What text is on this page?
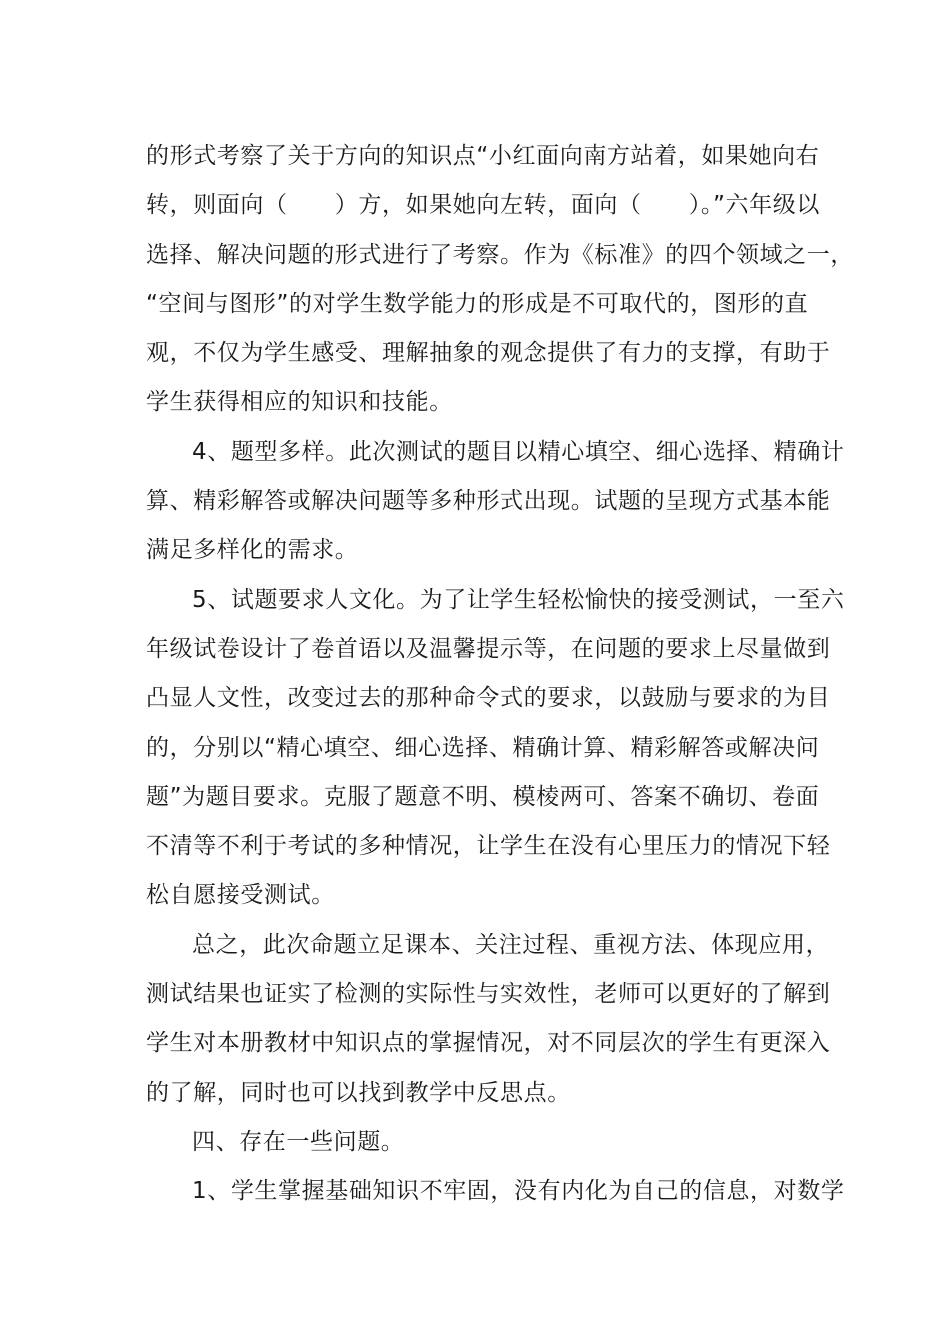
的形式考察了关于方向的知识点“小红面向南方站着，如果她向右
转，则面向（　　）方，如果她向左转，面向（　　）。”六年级以
选择、解决问题的形式进行了考察。作为《标准》的四个领域之一，
“空间与图形”的对学生数学能力的形成是不可取代的，图形的直
观，不仅为学生感受、理解抽象的观念提供了有力的支撑，有助于
学生获得相应的知识和技能。
4、题型多样。此次测试的题目以精心填空、细心选择、精确计
算、精彩解答或解决问题等多种形式出现。试题的呈现方式基本能
满足多样化的需求。
5、试题要求人文化。为了让学生轻松愉快的接受测试，一至六
年级试卷设计了卷首语以及温馨提示等，在问题的要求上尽量做到
凸显人文性，改变过去的那种命令式的要求，以鼓励与要求的为目
的，分别以“精心填空、细心选择、精确计算、精彩解答或解决问
题”为题目要求。克服了题意不明、模棱两可、答案不确切、卷面
不清等不利于考试的多种情况，让学生在没有心里压力的情况下轻
松自愿接受测试。
总之，此次命题立足课本、关注过程、重视方法、体现应用，
测试结果也证实了检测的实际性与实效性，老师可以更好的了解到
学生对本册教材中知识点的掌握情况，对不同层次的学生有更深入
的了解，同时也可以找到教学中反思点。
四、存在一些问题。
1、学生掌握基础知识不牢固，没有内化为自己的信息，对数学
